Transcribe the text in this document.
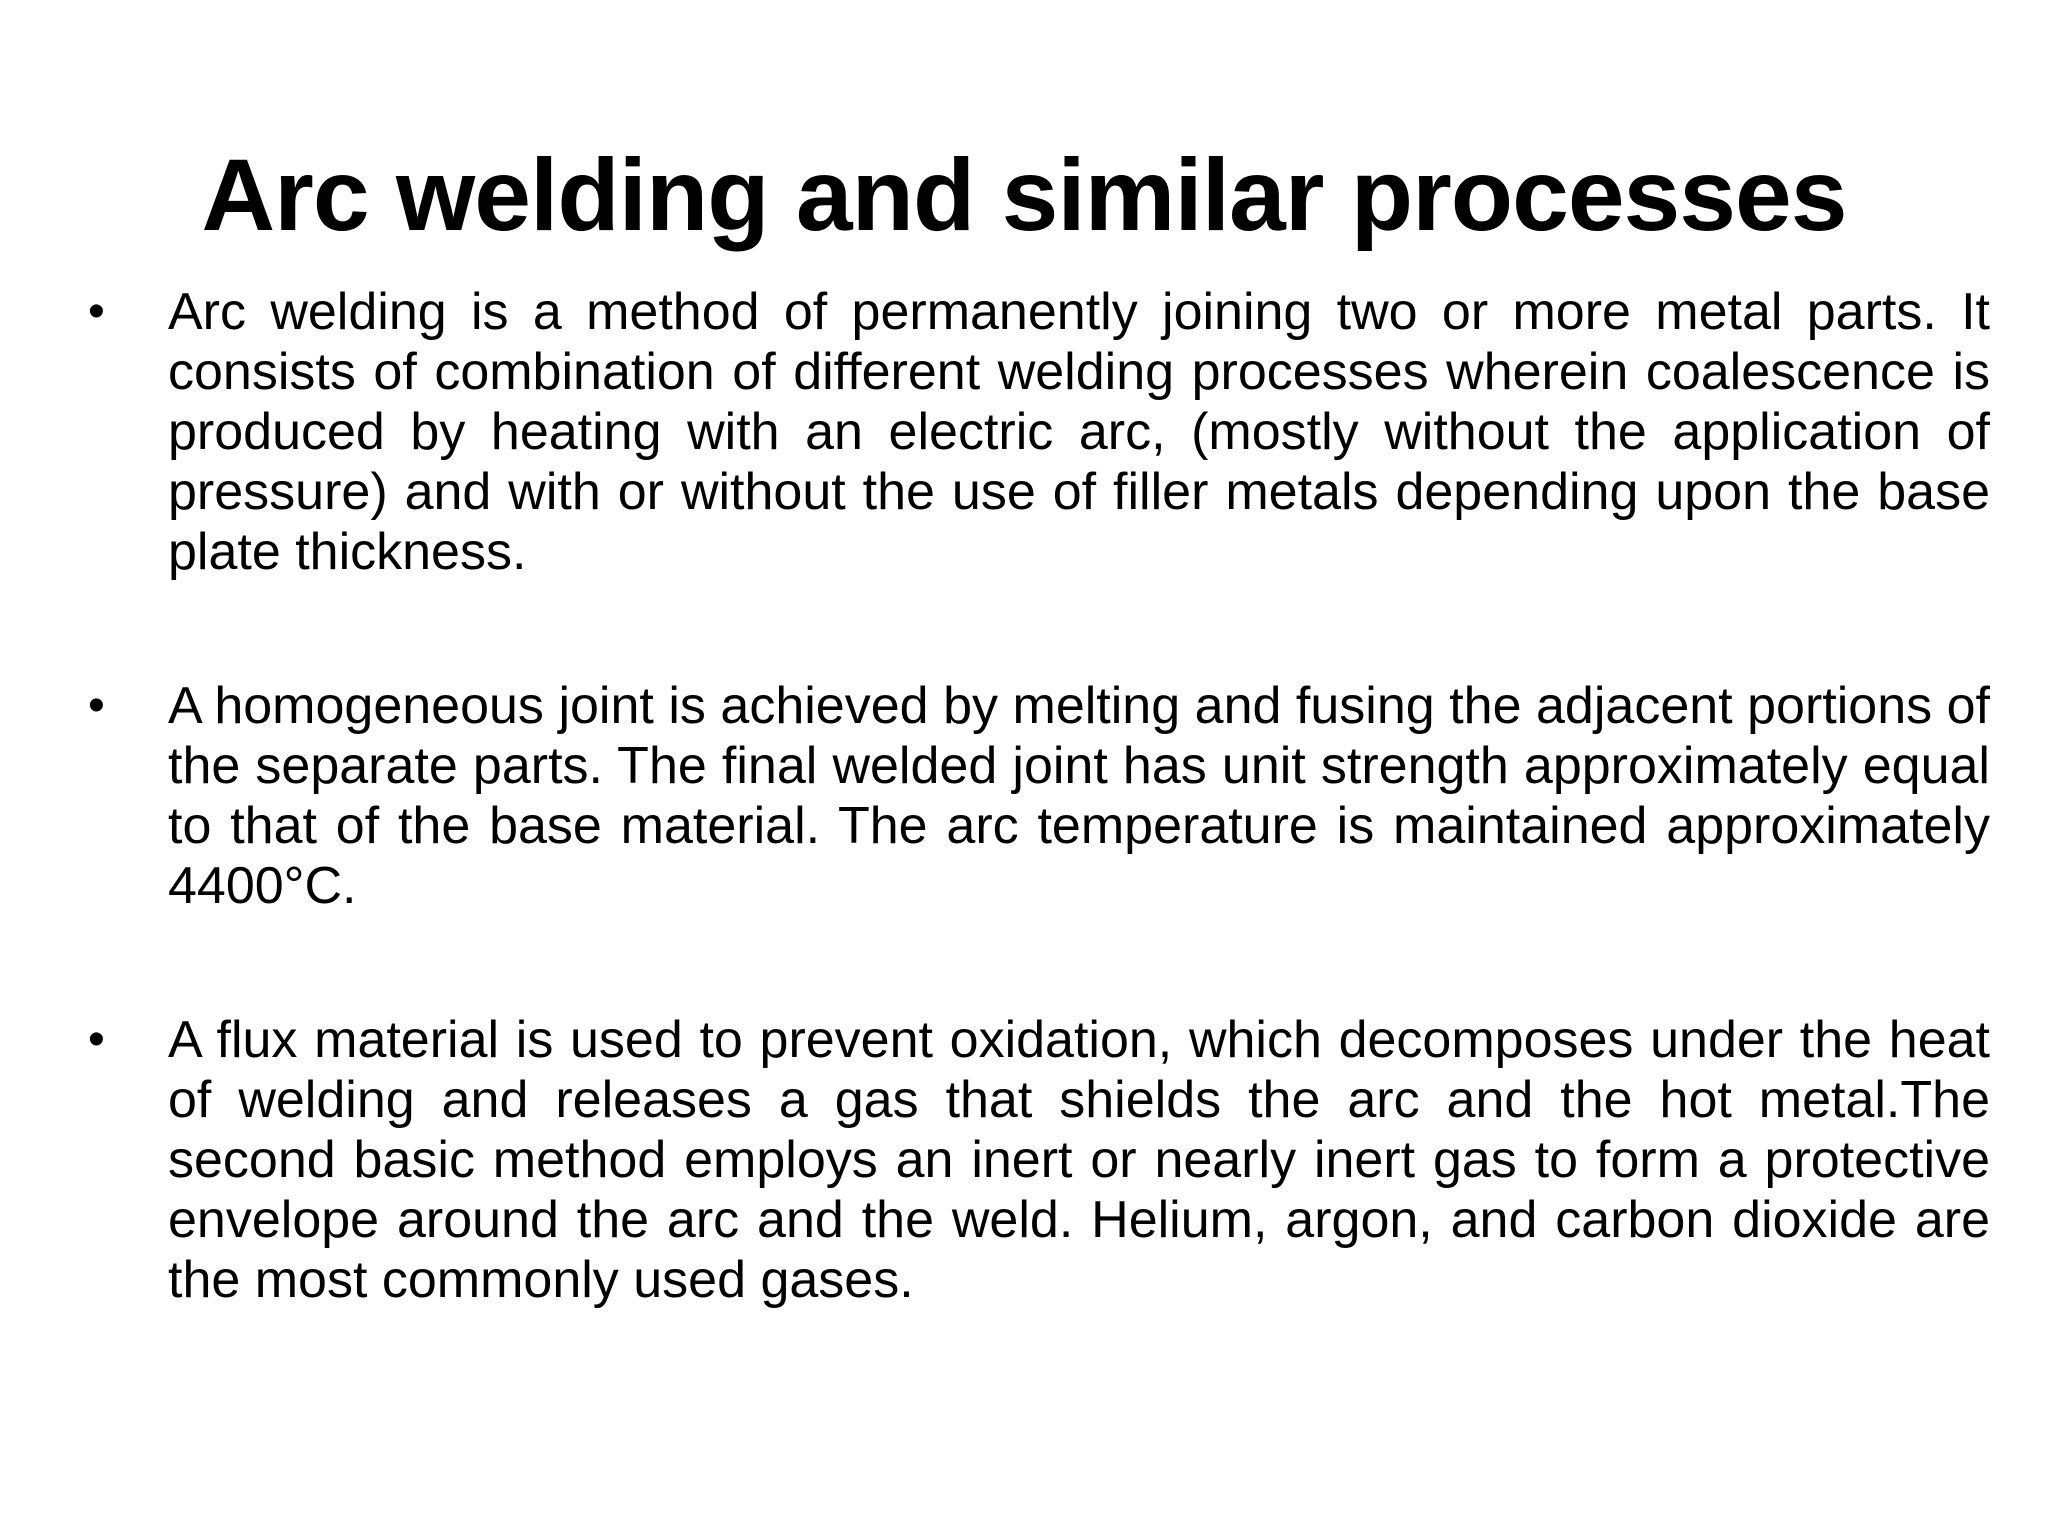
Arc welding and similar processes
• Arc welding is a method of permanently joining two or more metal parts. It consists of combination of different welding processes wherein coalescence is produced by heating with an electric arc, (mostly without the application of pressure) and with or without the use of filler metals depending upon the base plate thickness.
• A homogeneous joint is achieved by melting and fusing the adjacent portions of the separate parts. The final welded joint has unit strength approximately equal to that of the base material. The arc temperature is maintained approximately 4400°C.
• A flux material is used to prevent oxidation, which decomposes under the heat of welding and releases a gas that shields the arc and the hot metal.The second basic method employs an inert or nearly inert gas to form a protective envelope around the arc and the weld. Helium, argon, and carbon dioxide are the most commonly used gases.
